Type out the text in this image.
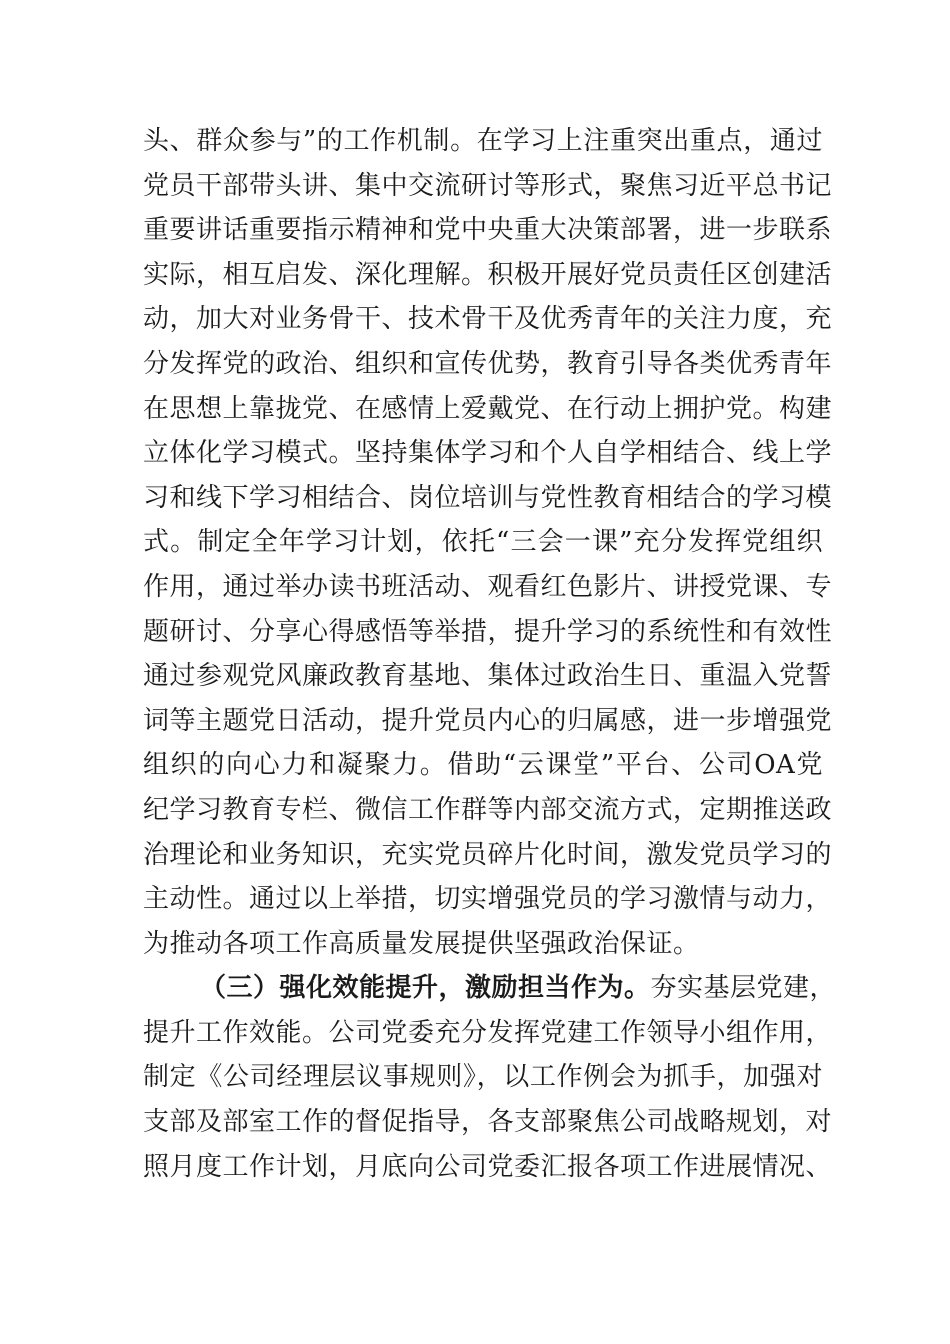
头、群众参与”的工作机制。在学习上注重突出重点，通过
党员干部带头讲、集中交流研讨等形式，聚焦习近平总书记
重要讲话重要指示精神和党中央重大决策部署，进一步联系
实际，相互启发、深化理解。积极开展好党员责任区创建活
动，加大对业务骨干、技术骨干及优秀青年的关注力度，充
分发挥党的政治、组织和宣传优势，教育引导各类优秀青年
在思想上靠拢党、在感情上爱戴党、在行动上拥护党。构建
立体化学习模式。坚持集体学习和个人自学相结合、线上学
习和线下学习相结合、岗位培训与党性教育相结合的学习模
式。制定全年学习计划，依托“三会一课”充分发挥党组织
作用，通过举办读书班活动、观看红色影片、讲授党课、专
题研讨、分享心得感悟等举措，提升学习的系统性和有效性
通过参观党风廉政教育基地、集体过政治生日、重温入党誓
词等主题党日活动，提升党员内心的归属感，进一步增强党
组织的向心力和凝聚力。借助“云课堂”平台、公司OA党
纪学习教育专栏、微信工作群等内部交流方式，定期推送政
治理论和业务知识，充实党员碎片化时间，激发党员学习的
主动性。通过以上举措，切实增强党员的学习激情与动力，
为推动各项工作高质量发展提供坚强政治保证。
（三）强化效能提升，激励担当作为。夯实基层党建，
提升工作效能。公司党委充分发挥党建工作领导小组作用，
制定《公司经理层议事规则》，以工作例会为抓手，加强对
支部及部室工作的督促指导，各支部聚焦公司战略规划，对
照月度工作计划，月底向公司党委汇报各项工作进展情况、
